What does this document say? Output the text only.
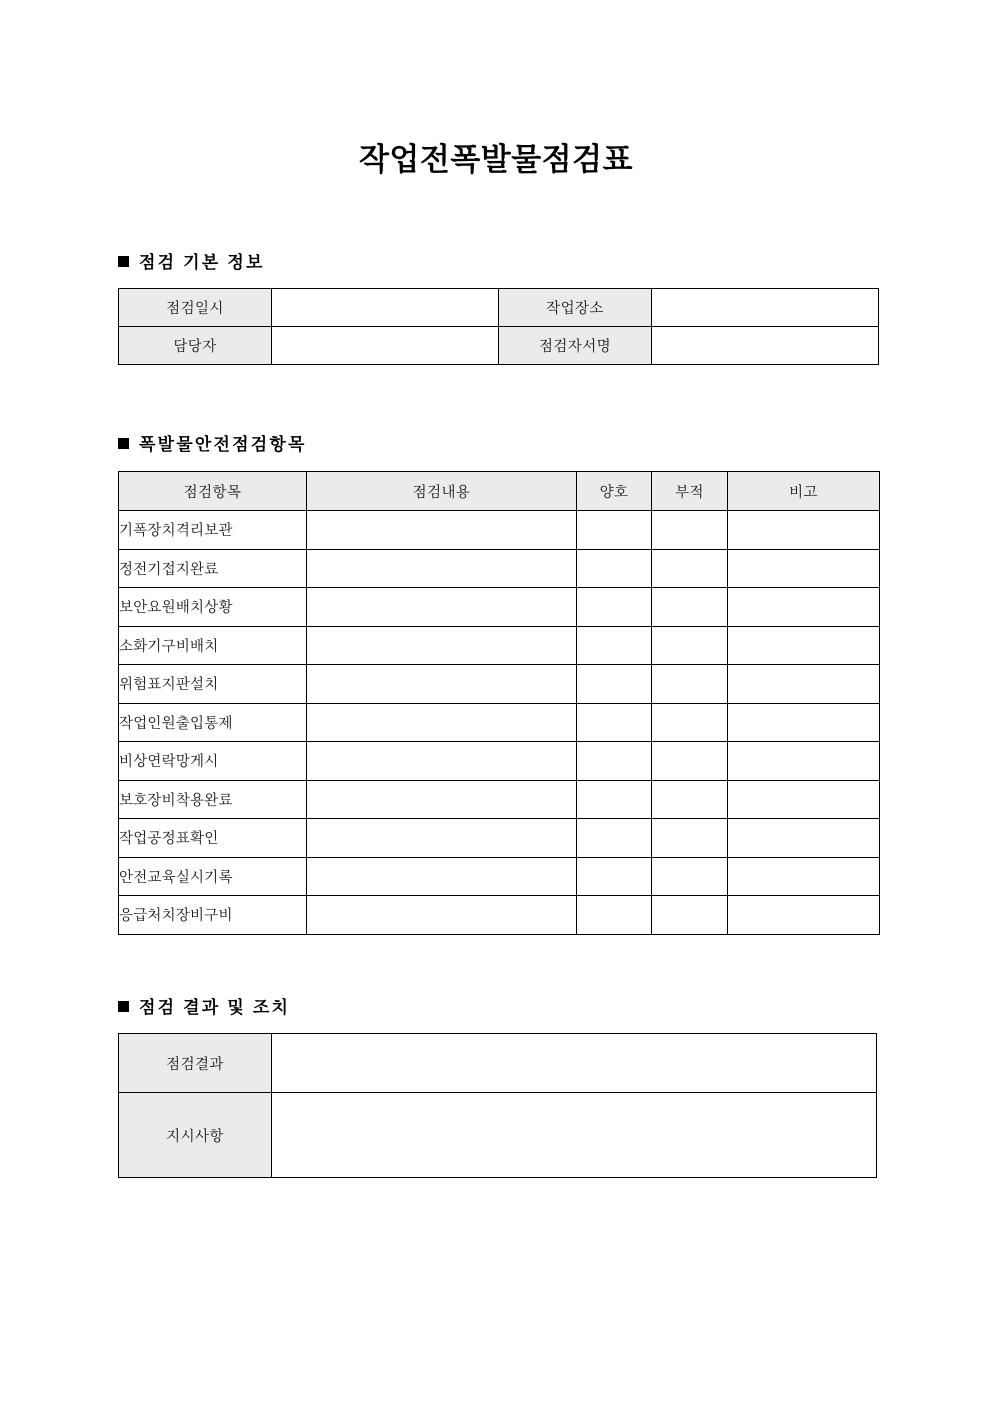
작업전폭발물점검표
점검 기본 정보
점검일시		작업장소	
담당자		점검자서명	
폭발물안전점검항목
점검항목	점검내용	양호	부적	비고
기폭장치격리보관				
정전기접지완료				
보안요원배치상황				
소화기구비배치				
위험표지판설치				
작업인원출입통제				
비상연락망게시				
보호장비착용완료				
작업공정표확인				
안전교육실시기록				
응급처치장비구비				
점검 결과 및 조치
점검결과	
지시사항	
